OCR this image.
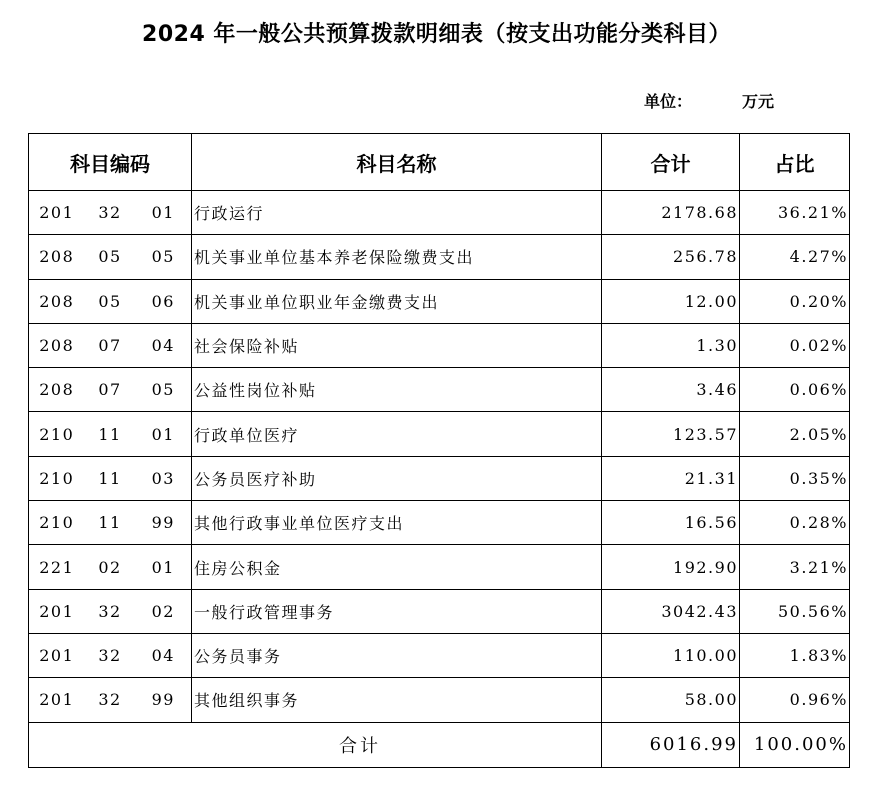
2024 年一般公共预算拨款明细表（按支出功能分类科目）
单位：	万元
科目编码			科目名称	合计	占比
201	32	01	行政运行	2178.68	36.21%
208	05	05	机关事业单位基本养老保险缴费支出	256.78	4.27%
208	05	06	机关事业单位职业年金缴费支出	12.00	0.20%
208	07	04	社会保险补贴	1.30	0.02%
208	07	05	公益性岗位补贴	3.46	0.06%
210	11	01	行政单位医疗	123.57	2.05%
210	11	03	公务员医疗补助	21.31	0.35%
210	11	99	其他行政事业单位医疗支出	16.56	0.28%
221	02	01	住房公积金	192.90	3.21%
201	32	02	一般行政管理事务	3042.43	50.56%
201	32	04	公务员事务	110.00	1.83%
201	32	99	其他组织事务	58.00	0.96%
合计				6016.99	100.00%
